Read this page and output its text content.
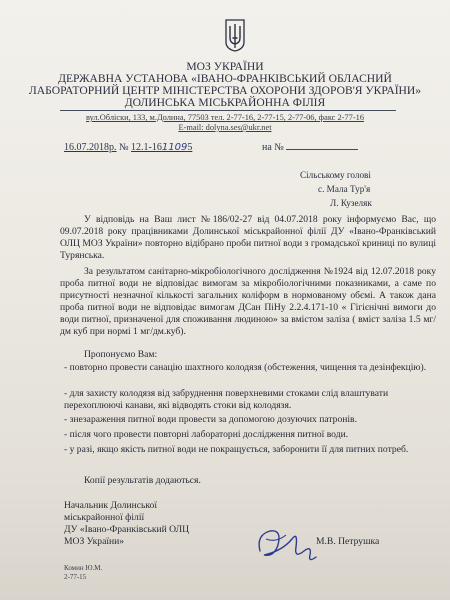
МОЗ УКРАЇНИ
ДЕРЖАВНА УСТАНОВА «ІВАНО-ФРАНКІВСЬКИЙ ОБЛАСНИЙ
ЛАБОРАТОРНИЙ ЦЕНТР МІНІСТЕРСТВА ОХОРОНИ ЗДОРОВ'Я УКРАЇНИ»
ДОЛИНСЬКА МІСЬКРАЙОННА ФІЛІЯ
вул.Обліски, 133, м.Долина, 77503 тел. 2-77-16, 2-77-15, 2-77-06, факс 2-77-16
E-mail: dolyna.ses@ukr.net
16.07.2018р. № 12.1-1611095	на №
Сільському голові
с. Мала Тур'я
Л. Кузеляк
У відповідь на Ваш лист №186/02-27 від 04.07.2018 року інформуємо Вас, що 09.07.2018 року працівниками Долинської міськрайонної філії ДУ «Івано-Франківський ОЛЦ МОЗ України» повторно відібрано проби питної води з громадської криниці по вулиці Турянська.
За результатом санітарно-мікробіологічного дослідження №1924 від 12.07.2018 року проба питної води не відповідає вимогам за мікробіологічними показниками, а саме по присутності незначної кількості загальних коліформ в нормованому обємі. А також дана проба питної води не відповідає вимогам ДСан ПіНу 2.2.4.171-10 « Гігієнічні вимоги до води питної, призначеної для споживання людиною» за вмістом заліза ( вміст заліза 1.5 мг/дм куб при нормі 1 мг/дм.куб).
Пропонуємо Вам:
- повторно провести санацію шахтного колодязя (обстеження, чищення та дезінфекцію).
- для захисту колодязя від забруднення поверхневими стоками слід влаштувати перехоплюючі канави, які відводять стоки від колодязя.
- знезараження питної води провести за допомогою дозуючих патронів.
- після чого провести повторні лабораторні дослідження питної води.
- у разі, якщо якість питної води не покращується, заборонити її для питних потреб.
Копії результатів додаються.
Начальник Долинської
міськрайонної філії
ДУ «Івано-Франківський ОЛЦ
МОЗ України»	М.В. Петрушка
Комин Ю.М.
2-77-15
